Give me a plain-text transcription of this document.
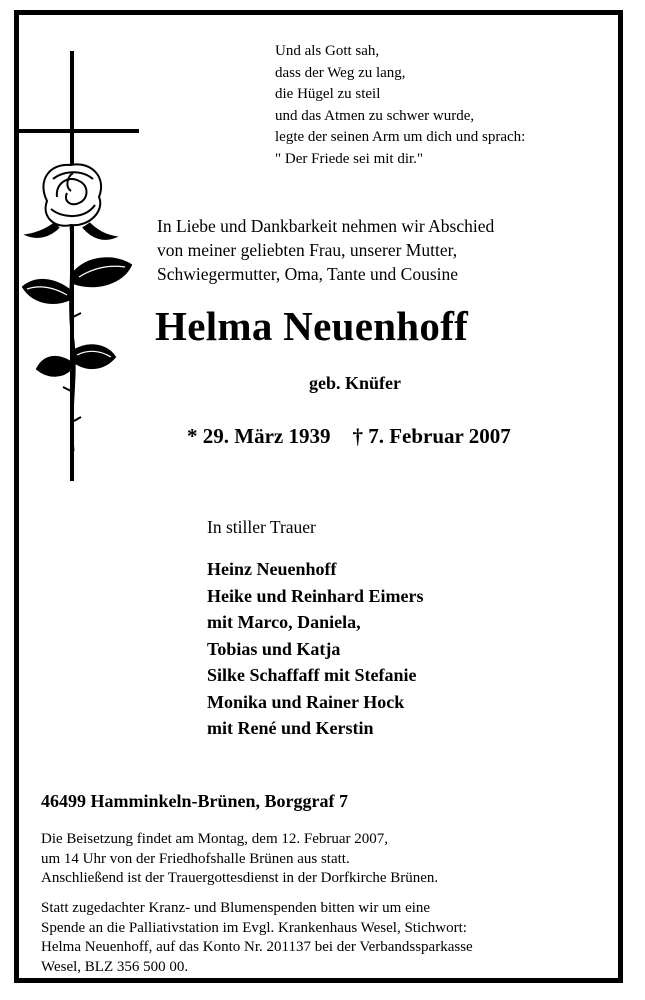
Und als Gott sah,
dass der Weg zu lang,
die Hügel zu steil
und das Atmen zu schwer wurde,
legte der seinen Arm um dich und sprach:
" Der Friede sei mit dir."
In Liebe und Dankbarkeit nehmen wir Abschied
von meiner geliebten Frau, unserer Mutter,
Schwiegermutter, Oma, Tante und Cousine
Helma Neuenhoff
geb. Knüfer
* 29. März 1939 † 7. Februar 2007
In stiller Trauer
Heinz Neuenhoff
Heike und Reinhard Eimers
mit Marco, Daniela,
Tobias und Katja
Silke Schaffaff mit Stefanie
Monika und Rainer Hock
mit René und Kerstin
46499 Hamminkeln-Brünen, Borggraf 7
Die Beisetzung findet am Montag, dem 12. Februar 2007,
um 14 Uhr von der Friedhofshalle Brünen aus statt.
Anschließend ist der Trauergottesdienst in der Dorfkirche Brünen.
Statt zugedachter Kranz- und Blumenspenden bitten wir um eine
Spende an die Palliativstation im Evgl. Krankenhaus Wesel, Stichwort:
Helma Neuenhoff, auf das Konto Nr. 201137 bei der Verbandssparkasse
Wesel, BLZ 356 500 00.
